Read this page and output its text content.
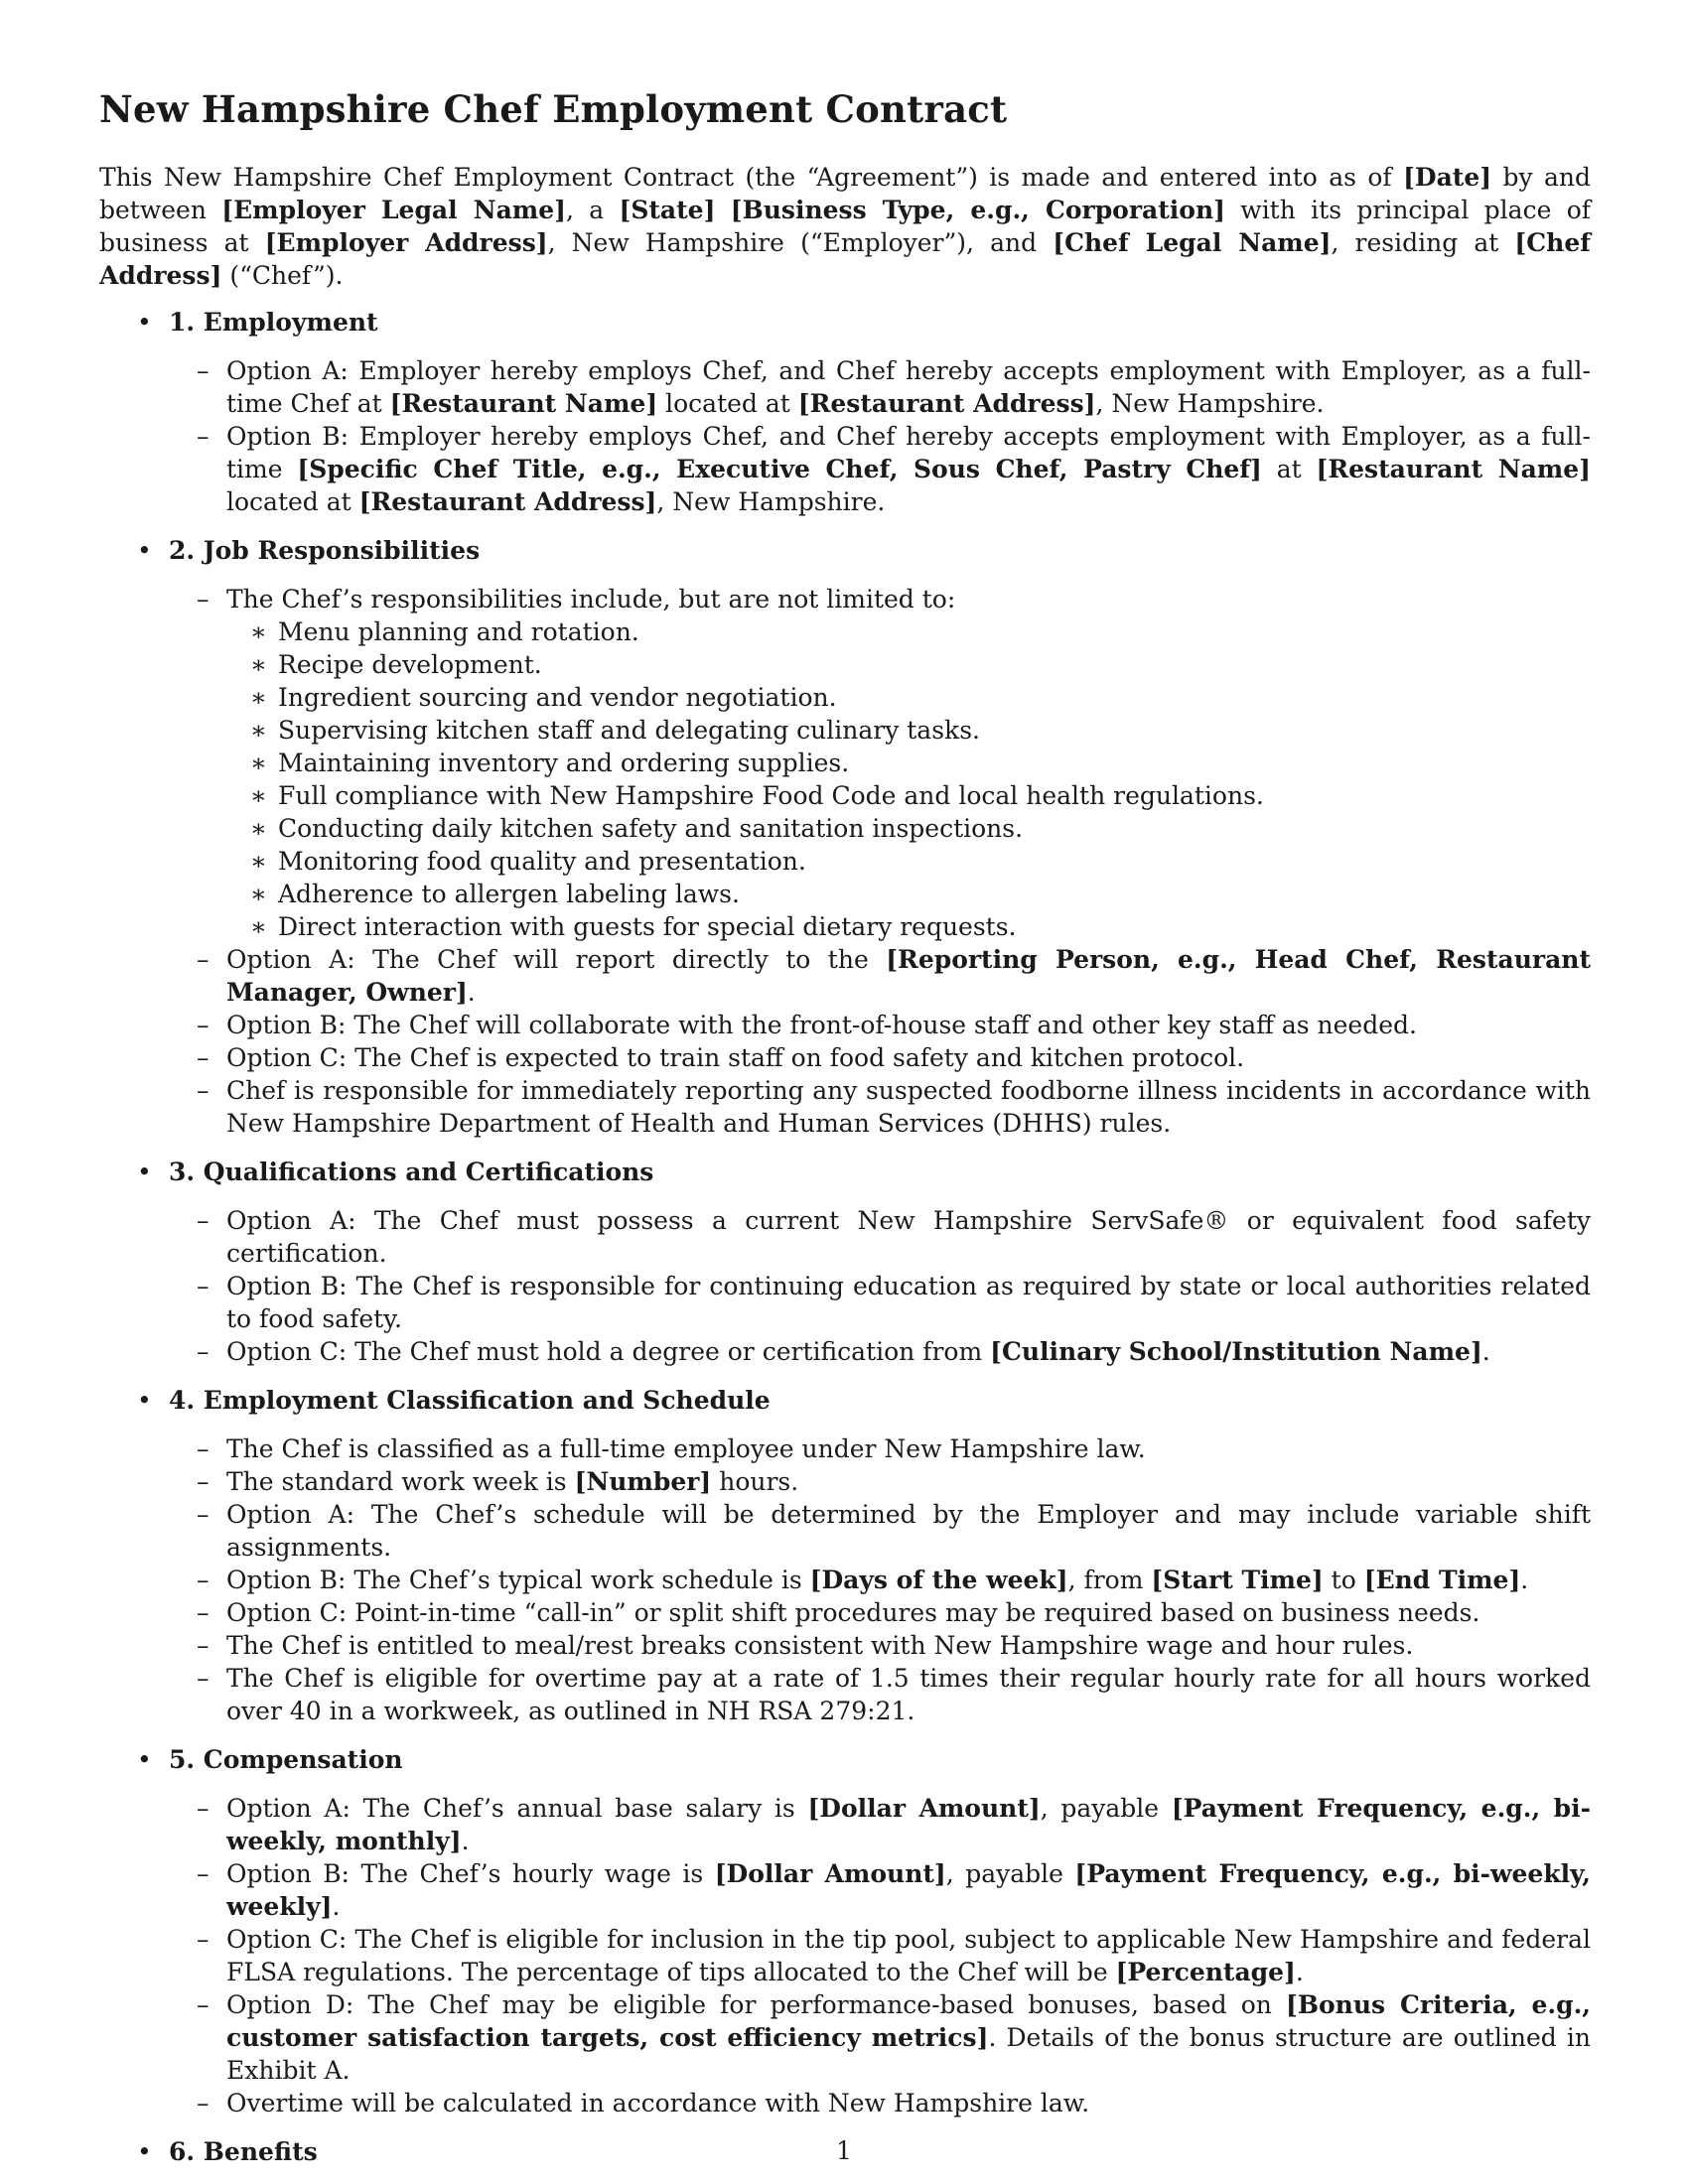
New Hampshire Chef Employment Contract

This New Hampshire Chef Employment Contract (the “Agreement”) is made and entered into as of [Date] by and between [Employer Legal Name], a [State] [Business Type, e.g., Corporation] with its principal place of business at [Employer Address], New Hampshire (“Employer”), and [Chef Legal Name], residing at [Chef Address] (“Chef”).

• 1. Employment
– Option A: Employer hereby employs Chef, and Chef hereby accepts employment with Employer, as a full-time Chef at [Restaurant Name] located at [Restaurant Address], New Hampshire.
– Option B: Employer hereby employs Chef, and Chef hereby accepts employment with Employer, as a full-time [Specific Chef Title, e.g., Executive Chef, Sous Chef, Pastry Chef] at [Restaurant Name] located at [Restaurant Address], New Hampshire.
• 2. Job Responsibilities
– The Chef’s responsibilities include, but are not limited to:
∗ Menu planning and rotation.
∗ Recipe development.
∗ Ingredient sourcing and vendor negotiation.
∗ Supervising kitchen staff and delegating culinary tasks.
∗ Maintaining inventory and ordering supplies.
∗ Full compliance with New Hampshire Food Code and local health regulations.
∗ Conducting daily kitchen safety and sanitation inspections.
∗ Monitoring food quality and presentation.
∗ Adherence to allergen labeling laws.
∗ Direct interaction with guests for special dietary requests.
– Option A: The Chef will report directly to the [Reporting Person, e.g., Head Chef, Restaurant Manager, Owner].
– Option B: The Chef will collaborate with the front-of-house staff and other key staff as needed.
– Option C: The Chef is expected to train staff on food safety and kitchen protocol.
– Chef is responsible for immediately reporting any suspected foodborne illness incidents in accordance with New Hampshire Department of Health and Human Services (DHHS) rules.
• 3. Qualifications and Certifications
– Option A: The Chef must possess a current New Hampshire ServSafe® or equivalent food safety certification.
– Option B: The Chef is responsible for continuing education as required by state or local authorities related to food safety.
– Option C: The Chef must hold a degree or certification from [Culinary School/Institution Name].
• 4. Employment Classification and Schedule
– The Chef is classified as a full-time employee under New Hampshire law.
– The standard work week is [Number] hours.
– Option A: The Chef’s schedule will be determined by the Employer and may include variable shift assignments.
– Option B: The Chef’s typical work schedule is [Days of the week], from [Start Time] to [End Time].
– Option C: Point-in-time “call-in” or split shift procedures may be required based on business needs.
– The Chef is entitled to meal/rest breaks consistent with New Hampshire wage and hour rules.
– The Chef is eligible for overtime pay at a rate of 1.5 times their regular hourly rate for all hours worked over 40 in a workweek, as outlined in NH RSA 279:21.
• 5. Compensation
– Option A: The Chef’s annual base salary is [Dollar Amount], payable [Payment Frequency, e.g., bi-weekly, monthly].
– Option B: The Chef’s hourly wage is [Dollar Amount], payable [Payment Frequency, e.g., bi-weekly, weekly].
– Option C: The Chef is eligible for inclusion in the tip pool, subject to applicable New Hampshire and federal FLSA regulations. The percentage of tips allocated to the Chef will be [Percentage].
– Option D: The Chef may be eligible for performance-based bonuses, based on [Bonus Criteria, e.g., customer satisfaction targets, cost efficiency metrics]. Details of the bonus structure are outlined in Exhibit A.
– Overtime will be calculated in accordance with New Hampshire law.
• 6. Benefits	1
